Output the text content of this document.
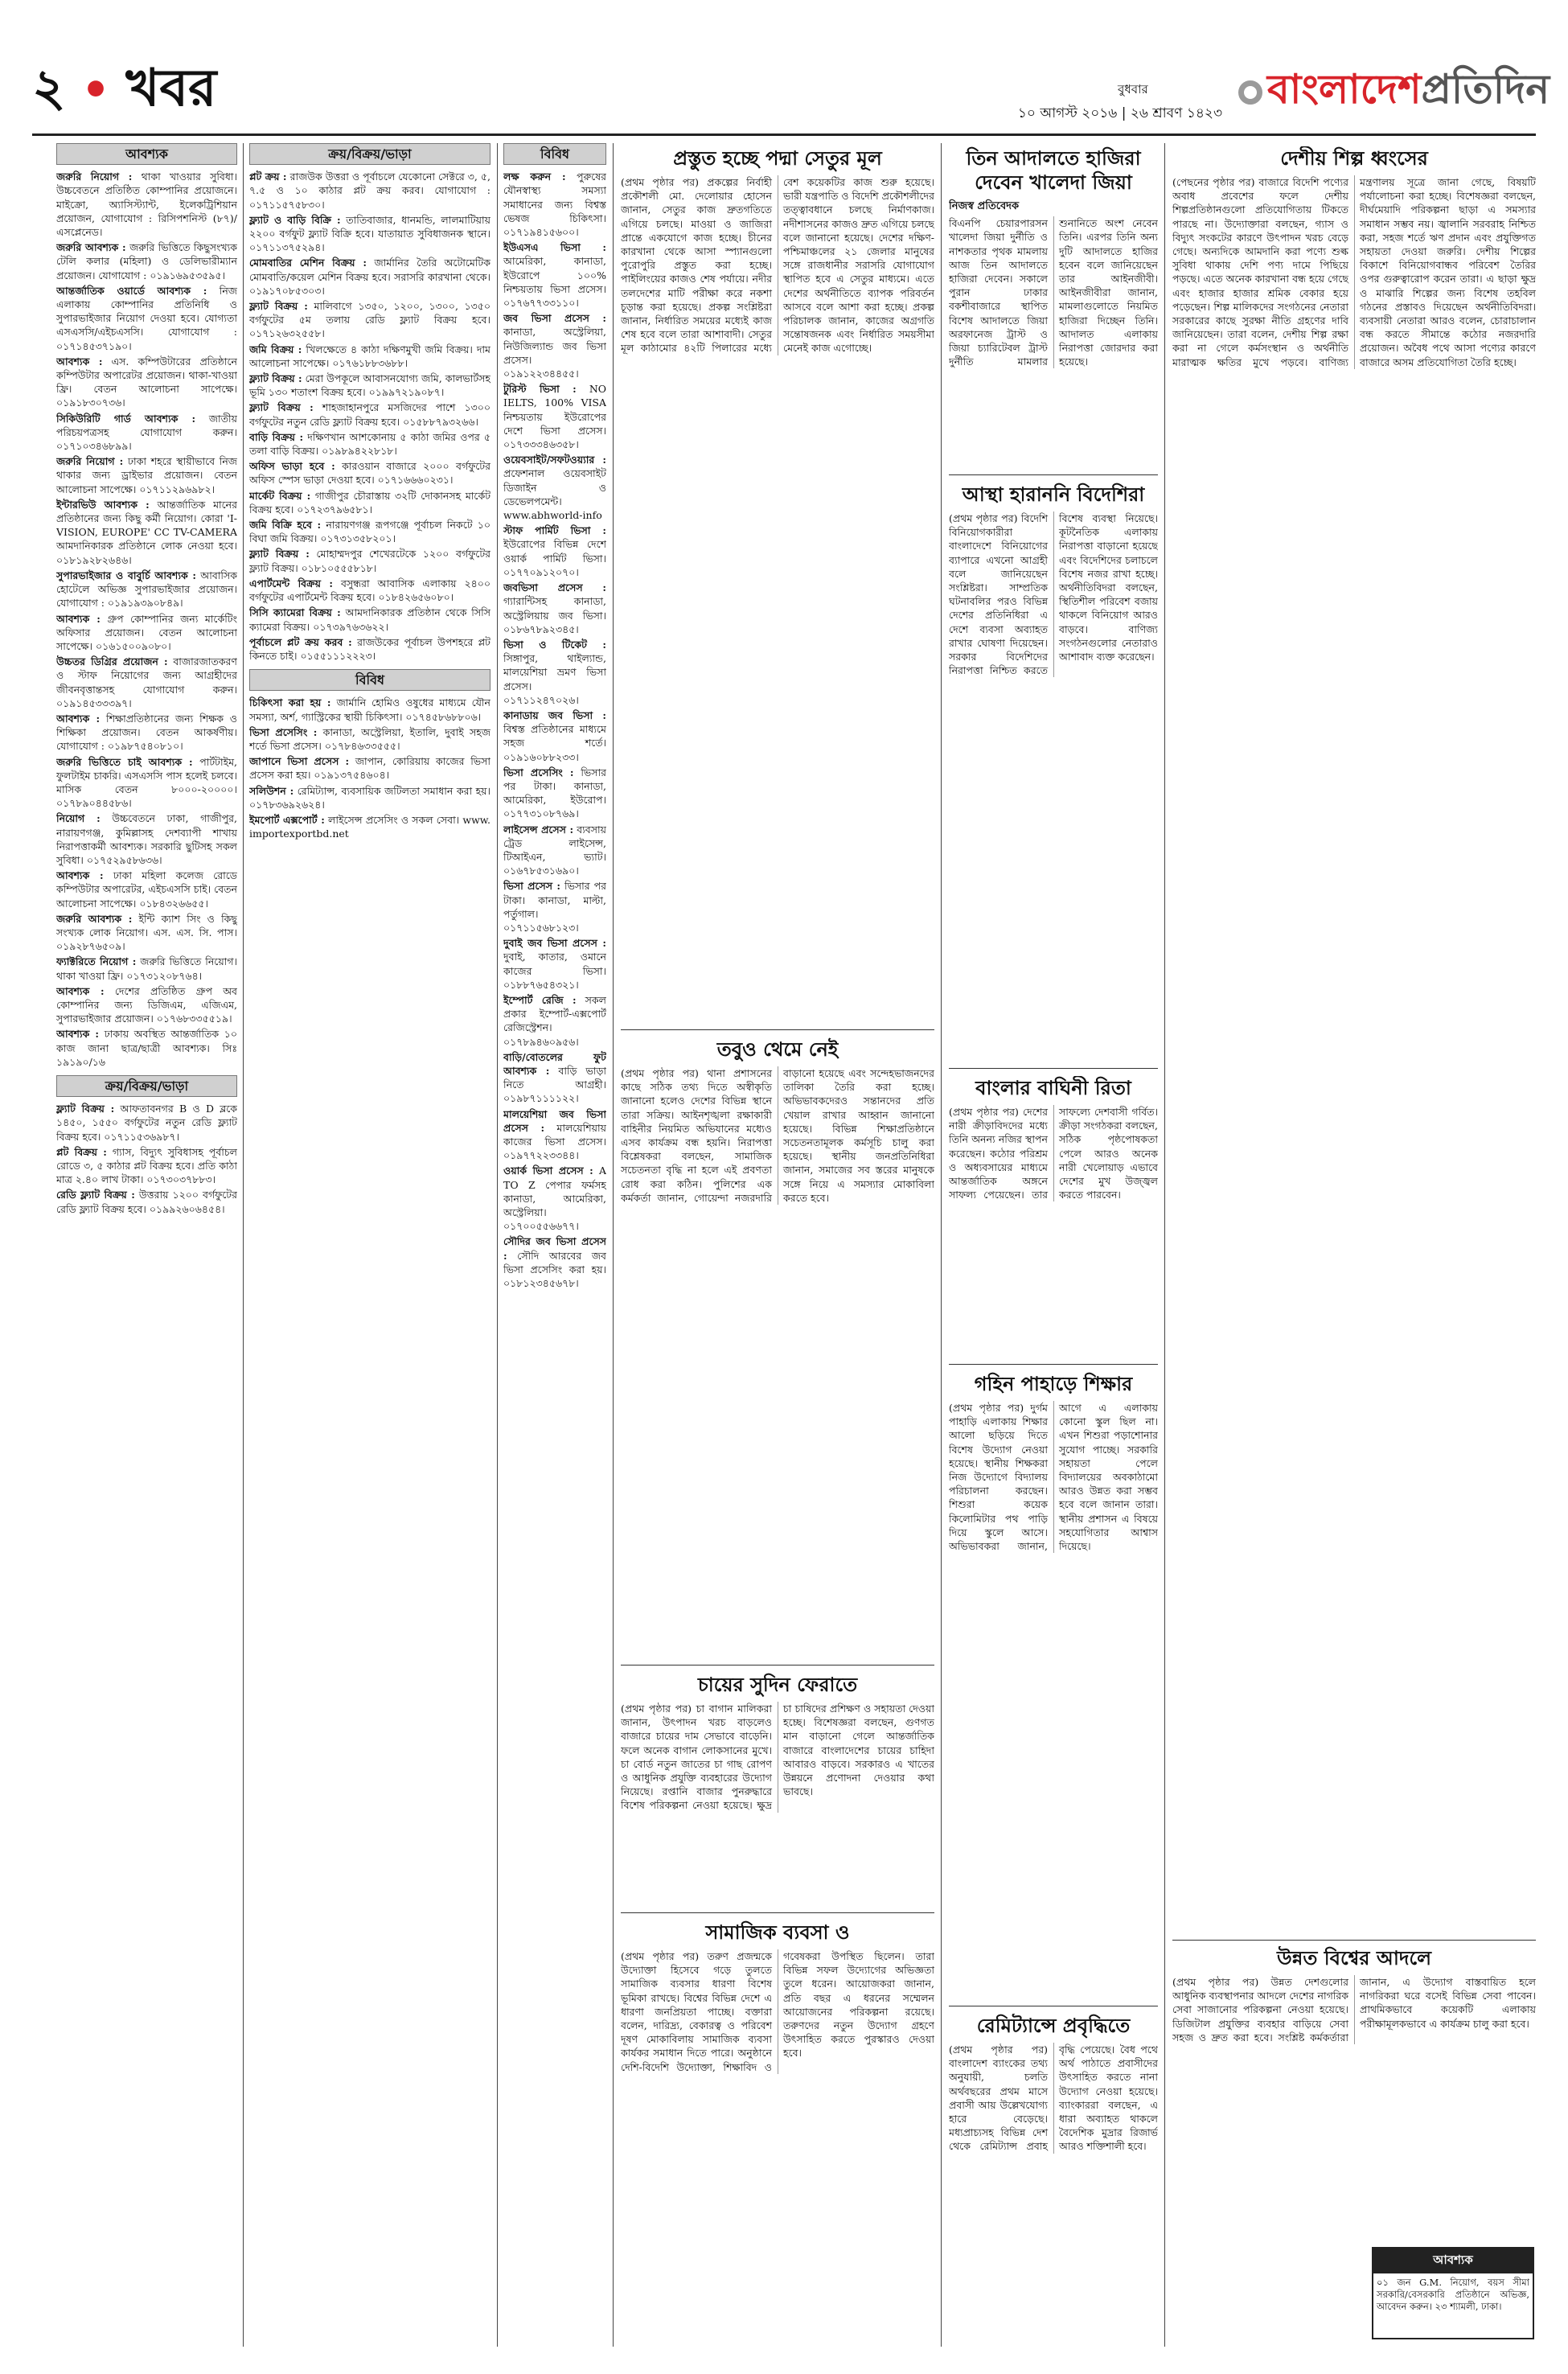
২ • খবর	বুধবার
১০ আগস্ট ২০১৬ | ২৬ শ্রাবণ ১৪২৩
বাংলাদেশপ্রতিদিন
আবশ্যক

জরুরি নিয়োগ : থাকা খাওয়ার সুবিধা। উচ্চবেতনে প্রতিষ্ঠিত কোম্পানির প্রয়োজনে। মাইক্রো, অ্যাসিস্ট্যান্ট, ইলেকট্রিশিয়ান প্রয়োজন, যোগাযোগ : রিসিপশনিস্ট (৮৭)/এসপ্লেনেড।

জরুরি আবশ্যক : জরুরি ভিত্তিতে কিছুসংখ্যক টেলি কলার (মহিলা) ও ডেলিভারীম্যান প্রয়োজন। যোগাযোগ : ০১৯১৬৯৫৩৫৯৫।

আন্তর্জাতিক ওয়ার্ডে আবশ্যক : নিজ এলাকায় কোম্পানির প্রতিনিধি ও সুপারভাইজার নিয়োগ দেওয়া হবে। যোগ্যতা এসএসসি/এইচএসসি। যোগাযোগ : ০১৭১৪৫৩৭১৯০।

আবশ্যক : এস. কম্পিউটারের প্রতিষ্ঠানে কম্পিউটার অপারেটর প্রয়োজন। থাকা-খাওয়া ফ্রি। বেতন আলোচনা সাপেক্ষে। ০১৯১৮৩০৭৩৬।

সিকিউরিটি গার্ড আবশ্যক : জাতীয় পরিচয়পত্রসহ যোগাযোগ করুন। ০১৭১০৩৪৬৮৯৯।

জরুরি নিয়োগ : ঢাকা শহরে স্থায়ীভাবে নিজ থাকার জন্য ড্রাইভার প্রয়োজন। বেতন আলোচনা সাপেক্ষে। ০১৭১১২৯৬৯৮২।

ইন্টারভিউ আবশ্যক : আন্তর্জাতিক মানের প্রতিষ্ঠানের জন্য কিছু কর্মী নিয়োগ। কোরা 'I-VISION, EUROPE' CC TV-CAMERA আমদানিকারক প্রতিষ্ঠানে লোক নেওয়া হবে। ০১৮১৯২৮২৬৪৬।

সুপারভাইজার ও বাবুর্চি আবশ্যক : আবাসিক হোটেলে অভিজ্ঞ সুপারভাইজার প্রয়োজন। যোগাযোগ : ০১৯১৯৩৯০৮৪৯।

আবশ্যক : গ্রুপ কোম্পানির জন্য মার্কেটিং অফিসার প্রয়োজন। বেতন আলোচনা সাপেক্ষে। ০১৬১৫০০৯০৮০।

উচ্চতর ডিগ্রির প্রয়োজন : বাজারজাতকরণ ও স্টাফ নিয়োগের জন্য আগ্রহীদের জীবনবৃত্তান্তসহ যোগাযোগ করুন। ০১৯১৪৫৩৩৩৯৭।

আবশ্যক : শিক্ষাপ্রতিষ্ঠানের জন্য শিক্ষক ও শিক্ষিকা প্রয়োজন। বেতন আকর্ষণীয়। যোগাযোগ : ০১৯৮৭৫৪০৮১০।

জরুরি ভিত্তিতে চাই আবশ্যক : পার্টটাইম, ফুলটাইম চাকরি। এসএসসি পাস হলেই চলবে। মাসিক বেতন ৮০০০-২০০০০। ০১৭৮৯০৪৪৫৮৬।

নিয়োগ : উচ্চবেতনে ঢাকা, গাজীপুর, নারায়ণগঞ্জ, কুমিল্লাসহ দেশব্যাপী শাখায় নিরাপত্তাকর্মী আবশ্যক। সরকারি ছুটিসহ সকল সুবিধা। ০১৭৫২৯৫৮৬৩৬।

আবশ্যক : ঢাকা মহিলা কলেজ রোডে কম্পিউটার অপারেটর, এইচএসসি চাই। বেতন আলোচনা সাপেক্ষে। ০১৮৪৩২৬৬৫৫।

জরুরি আবশ্যক : ইন্টি ক্যাশ সিং ও কিছু সংখ্যক লোক নিয়োগ। এস. এস. সি. পাস। ০১৯২৮৭৬৫০৯।

ফ্যাক্টরিতে নিয়োগ : জরুরি ভিত্তিতে নিয়োগ। থাকা খাওয়া ফ্রি। ০১৭৩১২০৮৭৬৪।

আবশ্যক : দেশের প্রতিষ্ঠিত গ্রুপ অব কোম্পানির জন্য ডিজিএম, এজিএম, সুপারভাইজার প্রয়োজন। ০১৭৬৮৩৩৫৫১৯।

আবশ্যক : ঢাকায় অবস্থিত আন্তর্জাতিক ১০ কাজ জানা ছাত্র/ছাত্রী আবশ্যক। সিঃ ১৯১৯০/১৬

ক্রয়/বিক্রয়/ভাড়া

ফ্ল্যাট বিক্রয় : আফতাবনগর B ও D ব্লকে ১৪৫০, ১৫৫০ বর্গফুটের নতুন রেডি ফ্ল্যাট বিক্রয় হবে। ০১৭১১৫৩৬৯৮৭।

প্লট বিক্রয় : গ্যাস, বিদ্যুৎ সুবিধাসহ পূর্বাচল রোডে ৩, ৫ কাঠার প্লট বিক্রয় হবে। প্রতি কাঠা মাত্র ২.৪০ লাখ টাকা। ০১৭৩০৩৭৮৮৩।

রেডি ফ্ল্যাট বিক্রয় : উত্তরায় ১২০০ বর্গফুটের রেডি ফ্ল্যাট বিক্রয় হবে। ০১৯৯২৬০৬৪৫৪।

ক্রয়/বিক্রয়/ভাড়া

প্লট ক্রয় : রাজউক উত্তরা ও পূর্বাচলে যেকোনো সেক্টরে ৩, ৫, ৭.৫ ও ১০ কাঠার প্লট ক্রয় করব। যোগাযোগ : ০১৭১১৫৭৫৮৩০।

ফ্ল্যাট ও বাড়ি বিক্রি : তাতিবাজার, ধানমন্ডি, লালমাটিয়ায় ২২০০ বর্গফুট ফ্ল্যাট বিক্রি হবে। যাতায়াত সুবিধাজনক স্থানে। ০১৭১১৩৭৫২৯৪।

মোমবাতির মেশিন বিক্রয় : জার্মানির তৈরি অটোমেটিক মোমবাতি/কয়েল মেশিন বিক্রয় হবে। সরাসরি কারখানা থেকে। ০১৯১৭০৮৫৩০৩।

ফ্ল্যাট বিক্রয় : মালিবাগে ১৩৫০, ১২০০, ১৩০০, ১৩৫০ বর্গফুটের ৫ম তলায় রেডি ফ্ল্যাট বিক্রয় হবে। ০১৭১২৬৩২৫৫৮।

জমি বিক্রয় : খিলক্ষেতে ৪ কাঠা দক্ষিণমুখী জমি বিক্রয়। দাম আলোচনা সাপেক্ষে। ০১৭৬১৮৮৩৬৮৮।

ফ্ল্যাট বিক্রয় : মেরা উপকূলে আবাসনযোগ্য জমি, কালভার্টসহ ভূমি ১৩০ শতাংশ বিক্রয় হবে। ০১৯৯৭২১৯০৮৭।

ফ্ল্যাট বিক্রয় : শাহজাহানপুরে মসজিদের পাশে ১৩০০ বর্গফুটের নতুন রেডি ফ্ল্যাট বিক্রয় হবে। ০১৫৮৮৭৯৩২৬৬।

বাড়ি বিক্রয় : দক্ষিণখান আশকোনায় ৫ কাঠা জমির ওপর ৫ তলা বাড়ি বিক্রয়। ০১৯৮৯৪২২৮১৮।

অফিস ভাড়া হবে : কারওয়ান বাজারে ২০০০ বর্গফুটের অফিস স্পেস ভাড়া দেওয়া হবে। ০১৭১৬৬৬০২৩১।

মার্কেট বিক্রয় : গাজীপুর চৌরাস্তায় ৩২টি দোকানসহ মার্কেট বিক্রয় হবে। ০১৭২৩৭৯৬৫৮১।

জমি বিক্রি হবে : নারায়ণগঞ্জ রূপগঞ্জে পূর্বাচল নিকটে ১০ বিঘা জমি বিক্রয়। ০১৭৩১৩৫৮২০১।

ফ্ল্যাট বিক্রয় : মোহাম্মদপুর শেখেরটেকে ১২০০ বর্গফুটের ফ্ল্যাট বিক্রয়। ০১৮১০৫৫৫৮১৮।

এপার্টমেন্ট বিক্রয় : বসুন্ধরা আবাসিক এলাকায় ২৪০০ বর্গফুটের এপার্টমেন্ট বিক্রয় হবে। ০১৮৪২৬৫৬০৮০।

সিসি ক্যামেরা বিক্রয় : আমদানিকারক প্রতিষ্ঠান থেকে সিসি ক্যামেরা বিক্রয়। ০১৭৩৯৭৬৩৬২২।

পূর্বাচলে প্লট ক্রয় করব : রাজউকের পূর্বাচল উপশহরে প্লট কিনতে চাই। ০১৫৫১১১২২২৩।

বিবিধ

চিকিৎসা করা হয় : জার্মানি হোমিও ওষুধের মাধ্যমে যৌন সমস্যা, অর্শ, গ্যাস্ট্রিকের স্থায়ী চিকিৎসা। ০১৭৪৫৮৬৮৮০৬।

ভিসা প্রসেসিং : কানাডা, অস্ট্রেলিয়া, ইতালি, দুবাই সহজ শর্তে ভিসা প্রসেস। ০১৭৮৪৬৩৩৫৫৫।

জাপানে ভিসা প্রসেস : জাপান, কোরিয়ায় কাজের ভিসা প্রসেস করা হয়। ০১৯১৩৭৫৪৬০৪।

সলিউশন : রেমিট্যান্স, ব্যবসায়িক জটিলতা সমাধান করা হয়। ০১৭৮৩৬৯২৬২৪।

ইমপোর্ট এক্সপোর্ট : লাইসেন্স প্রসেসিং ও সকল সেবা। www. importexportbd.net

বিবিধ

লক্ষ করুন : পুরুষের যৌনস্বাস্থ্য সমস্যা সমাধানের জন্য বিশ্বস্ত ভেষজ চিকিৎসা। ০১৭১৯৪১৫৬০০।

ইউএসএ ভিসা : আমেরিকা, কানাডা, ইউরোপে ১০০% নিশ্চয়তায় ভিসা প্রসেস। ০১৭৬৭৭৩৩১১০।

জব ভিসা প্রসেস : কানাডা, অস্ট্রেলিয়া, নিউজিল্যান্ড জব ভিসা প্রসেস। ০১৯১২২৩৪৪৫৫।

টুরিস্ট ভিসা : NO IELTS, 100% VISA নিশ্চয়তায় ইউরোপের দেশে ভিসা প্রসেস। ০১৭৩৩৩৪৬৩৫৮।

ওয়েবসাইট/সফটওয়্যার : প্রফেশনাল ওয়েবসাইট ডিজাইন ও ডেভেলপমেন্ট। www.abhworld-info

স্টাফ পার্মিট ভিসা : ইউরোপের বিভিন্ন দেশে ওয়ার্ক পার্মিট ভিসা। ০১৭৭০৯১২০৭০।

জবভিসা প্রসেস : গ্যারান্টিসহ কানাডা, অস্ট্রেলিয়ায় জব ভিসা। ০১৮৬৭৮৯২৩৪৫।

ভিসা ও টিকেট : সিঙ্গাপুর, থাইল্যান্ড, মালয়েশিয়া ভ্রমণ ভিসা প্রসেস। ০১৭১১২৪৭০২৬।

কানাডায় জব ভিসা : বিশ্বস্ত প্রতিষ্ঠানের মাধ্যমে সহজ শর্তে। ০১৯১৬০৮৮২৩৩।

ভিসা প্রসেসিং : ভিসার পর টাকা। কানাডা, আমেরিকা, ইউরোপ। ০১৭৭৩১০৮৭৬৯।

লাইসেন্স প্রসেস : ব্যবসায় ট্রেড লাইসেন্স, টিআইএন, ভ্যাট। ০১৬৭৮৫৩১৬৯০।

ভিসা প্রসেস : ভিসার পর টাকা। কানাডা, মাল্টা, পর্তুগাল। ০১৭১১৫৬৮১২৩।

দুবাই জব ভিসা প্রসেস : দুবাই, কাতার, ওমানে কাজের ভিসা। ০১৮৮৭৬৫৪৩২১।

ইম্পোর্ট রেজি : সকল প্রকার ইম্পোর্ট-এক্সপোর্ট রেজিস্ট্রেশন। ০১৭৮৯৪৬০৯৫৬।

বাড়ি/বোতলের ফুট আবশ্যক : বাড়ি ভাড়া নিতে আগ্রহী। ০১৯৮৭১১১১২২।

মালয়েশিয়া জব ভিসা প্রসেস : মালয়েশিয়ায় কাজের ভিসা প্রসেস। ০১৯৭৭২২৩৩৪৪।

ওয়ার্ক ভিসা প্রসেস : A TO Z পেপার ফর্মসহ কানাডা, আমেরিকা, অস্ট্রেলিয়া। ০১৭০০৫৫৬৬৭৭।

সৌদির জব ভিসা প্রসেস : সৌদি আরবের জব ভিসা প্রসেসিং করা হয়। ০১৮১২৩৪৫৬৭৮।

প্রস্তুত হচ্ছে পদ্মা সেতুর মূল
(প্রথম পৃষ্ঠার পর) প্রকল্পের নির্বাহী প্রকৌশলী মো. দেলোয়ার হোসেন জানান, সেতুর কাজ দ্রুতগতিতে এগিয়ে চলছে। মাওয়া ও জাজিরা প্রান্তে একযোগে কাজ হচ্ছে। চীনের কারখানা থেকে আসা স্প্যানগুলো পুরোপুরি প্রস্তুত করা হচ্ছে। পাইলিংয়ের কাজও শেষ পর্যায়ে। নদীর তলদেশের মাটি পরীক্ষা করে নকশা চূড়ান্ত করা হয়েছে। প্রকল্প সংশ্লিষ্টরা জানান, নির্ধারিত সময়ের মধ্যেই কাজ শেষ হবে বলে তারা আশাবাদী। সেতুর মূল কাঠামোর ৪২টি পিলারের মধ্যে বেশ কয়েকটির কাজ শুরু হয়েছে। ভারী যন্ত্রপাতি ও বিদেশি প্রকৌশলীদের তত্ত্বাবধানে চলছে নির্মাণকাজ। নদীশাসনের কাজও দ্রুত এগিয়ে চলছে বলে জানানো হয়েছে। দেশের দক্ষিণ-পশ্চিমাঞ্চলের ২১ জেলার মানুষের সঙ্গে রাজধানীর সরাসরি যোগাযোগ স্থাপিত হবে এ সেতুর মাধ্যমে। এতে দেশের অর্থনীতিতে ব্যাপক পরিবর্তন আসবে বলে আশা করা হচ্ছে। প্রকল্প পরিচালক জানান, কাজের অগ্রগতি সন্তোষজনক এবং নির্ধারিত সময়সীমা মেনেই কাজ এগোচ্ছে।
তবুও থেমে নেই
(প্রথম পৃষ্ঠার পর) থানা প্রশাসনের কাছে সঠিক তথ্য দিতে অস্বীকৃতি জানানো হলেও দেশের বিভিন্ন স্থানে তারা সক্রিয়। আইনশৃঙ্খলা রক্ষাকারী বাহিনীর নিয়মিত অভিযানের মধ্যেও এসব কার্যক্রম বন্ধ হয়নি। নিরাপত্তা বিশ্লেষকরা বলছেন, সামাজিক সচেতনতা বৃদ্ধি না হলে এই প্রবণতা রোধ করা কঠিন। পুলিশের এক কর্মকর্তা জানান, গোয়েন্দা নজরদারি বাড়ানো হয়েছে এবং সন্দেহভাজনদের তালিকা তৈরি করা হচ্ছে। অভিভাবকদেরও সন্তানদের প্রতি খেয়াল রাখার আহ্বান জানানো হয়েছে। বিভিন্ন শিক্ষাপ্রতিষ্ঠানে সচেতনতামূলক কর্মসূচি চালু করা হয়েছে। স্থানীয় জনপ্রতিনিধিরা জানান, সমাজের সব স্তরের মানুষকে সঙ্গে নিয়ে এ সমস্যার মোকাবিলা করতে হবে।
চায়ের সুদিন ফেরাতে
(প্রথম পৃষ্ঠার পর) চা বাগান মালিকরা জানান, উৎপাদন খরচ বাড়লেও বাজারে চায়ের দাম সেভাবে বাড়েনি। ফলে অনেক বাগান লোকসানের মুখে। চা বোর্ড নতুন জাতের চা গাছ রোপণ ও আধুনিক প্রযুক্তি ব্যবহারের উদ্যোগ নিয়েছে। রপ্তানি বাজার পুনরুদ্ধারে বিশেষ পরিকল্পনা নেওয়া হয়েছে। ক্ষুদ্র চা চাষিদের প্রশিক্ষণ ও সহায়তা দেওয়া হচ্ছে। বিশেষজ্ঞরা বলছেন, গুণগত মান বাড়ানো গেলে আন্তর্জাতিক বাজারে বাংলাদেশের চায়ের চাহিদা আবারও বাড়বে। সরকারও এ খাতের উন্নয়নে প্রণোদনা দেওয়ার কথা ভাবছে।
সামাজিক ব্যবসা ও
(প্রথম পৃষ্ঠার পর) তরুণ প্রজন্মকে উদ্যোক্তা হিসেবে গড়ে তুলতে সামাজিক ব্যবসার ধারণা বিশেষ ভূমিকা রাখছে। বিশ্বের বিভিন্ন দেশে এ ধারণা জনপ্রিয়তা পাচ্ছে। বক্তারা বলেন, দারিদ্র্য, বেকারত্ব ও পরিবেশ দূষণ মোকাবিলায় সামাজিক ব্যবসা কার্যকর সমাধান দিতে পারে। অনুষ্ঠানে দেশি-বিদেশি উদ্যোক্তা, শিক্ষাবিদ ও গবেষকরা উপস্থিত ছিলেন। তারা বিভিন্ন সফল উদ্যোগের অভিজ্ঞতা তুলে ধরেন। আয়োজকরা জানান, প্রতি বছর এ ধরনের সম্মেলন আয়োজনের পরিকল্পনা রয়েছে। তরুণদের নতুন উদ্যোগ গ্রহণে উৎসাহিত করতে পুরস্কারও দেওয়া হবে।
তিন আদালতে হাজিরা দেবেন খালেদা জিয়া
নিজস্ব প্রতিবেদক
বিএনপি চেয়ারপারসন খালেদা জিয়া দুর্নীতি ও নাশকতার পৃথক মামলায় আজ তিন আদালতে হাজিরা দেবেন। সকালে পুরান ঢাকার বকশীবাজারে স্থাপিত বিশেষ আদালতে জিয়া অরফানেজ ট্রাস্ট ও জিয়া চ্যারিটেবল ট্রাস্ট দুর্নীতি মামলার শুনানিতে অংশ নেবেন তিনি। এরপর তিনি অন্য দুটি আদালতে হাজির হবেন বলে জানিয়েছেন তার আইনজীবী। আইনজীবীরা জানান, মামলাগুলোতে নিয়মিত হাজিরা দিচ্ছেন তিনি। আদালত এলাকায় নিরাপত্তা জোরদার করা হয়েছে।
আস্থা হারাননি বিদেশিরা
(প্রথম পৃষ্ঠার পর) বিদেশি বিনিয়োগকারীরা বাংলাদেশে বিনিয়োগের ব্যাপারে এখনো আগ্রহী বলে জানিয়েছেন সংশ্লিষ্টরা। সাম্প্রতিক ঘটনাবলির পরও বিভিন্ন দেশের প্রতিনিধিরা এ দেশে ব্যবসা অব্যাহত রাখার ঘোষণা দিয়েছেন। সরকার বিদেশিদের নিরাপত্তা নিশ্চিত করতে বিশেষ ব্যবস্থা নিয়েছে। কূটনৈতিক এলাকায় নিরাপত্তা বাড়ানো হয়েছে এবং বিদেশিদের চলাচলে বিশেষ নজর রাখা হচ্ছে। অর্থনীতিবিদরা বলছেন, স্থিতিশীল পরিবেশ বজায় থাকলে বিনিয়োগ আরও বাড়বে। বাণিজ্য সংগঠনগুলোর নেতারাও আশাবাদ ব্যক্ত করেছেন।
বাংলার বাঘিনী রিতা
(প্রথম পৃষ্ঠার পর) দেশের নারী ক্রীড়াবিদদের মধ্যে তিনি অনন্য নজির স্থাপন করেছেন। কঠোর পরিশ্রম ও অধ্যবসায়ের মাধ্যমে আন্তর্জাতিক অঙ্গনে সাফল্য পেয়েছেন। তার সাফল্যে দেশবাসী গর্বিত। ক্রীড়া সংগঠকরা বলছেন, সঠিক পৃষ্ঠপোষকতা পেলে আরও অনেক নারী খেলোয়াড় এভাবে দেশের মুখ উজ্জ্বল করতে পারবেন।
গহিন পাহাড়ে শিক্ষার
(প্রথম পৃষ্ঠার পর) দুর্গম পাহাড়ি এলাকায় শিক্ষার আলো ছড়িয়ে দিতে বিশেষ উদ্যোগ নেওয়া হয়েছে। স্থানীয় শিক্ষকরা নিজ উদ্যোগে বিদ্যালয় পরিচালনা করছেন। শিশুরা কয়েক কিলোমিটার পথ পাড়ি দিয়ে স্কুলে আসে। অভিভাবকরা জানান, আগে এ এলাকায় কোনো স্কুল ছিল না। এখন শিশুরা পড়াশোনার সুযোগ পাচ্ছে। সরকারি সহায়তা পেলে বিদ্যালয়ের অবকাঠামো আরও উন্নত করা সম্ভব হবে বলে জানান তারা। স্থানীয় প্রশাসন এ বিষয়ে সহযোগিতার আশ্বাস দিয়েছে।
রেমিট্যান্সে প্রবৃদ্ধিতে
(প্রথম পৃষ্ঠার পর) বাংলাদেশ ব্যাংকের তথ্য অনুযায়ী, চলতি অর্থবছরের প্রথম মাসে প্রবাসী আয় উল্লেখযোগ্য হারে বেড়েছে। মধ্যপ্রাচ্যসহ বিভিন্ন দেশ থেকে রেমিট্যান্স প্রবাহ বৃদ্ধি পেয়েছে। বৈধ পথে অর্থ পাঠাতে প্রবাসীদের উৎসাহিত করতে নানা উদ্যোগ নেওয়া হয়েছে। ব্যাংকাররা বলছেন, এ ধারা অব্যাহত থাকলে বৈদেশিক মুদ্রার রিজার্ভ আরও শক্তিশালী হবে।
দেশীয় শিল্প ধ্বংসের
(পেছনের পৃষ্ঠার পর) বাজারে বিদেশি পণ্যের অবাধ প্রবেশের ফলে দেশীয় শিল্পপ্রতিষ্ঠানগুলো প্রতিযোগিতায় টিকতে পারছে না। উদ্যোক্তারা বলছেন, গ্যাস ও বিদ্যুৎ সংকটের কারণে উৎপাদন খরচ বেড়ে গেছে। অন্যদিকে আমদানি করা পণ্যে শুল্ক সুবিধা থাকায় দেশি পণ্য দামে পিছিয়ে পড়ছে। এতে অনেক কারখানা বন্ধ হয়ে গেছে এবং হাজার হাজার শ্রমিক বেকার হয়ে পড়েছেন। শিল্প মালিকদের সংগঠনের নেতারা সরকারের কাছে সুরক্ষা নীতি গ্রহণের দাবি জানিয়েছেন। তারা বলেন, দেশীয় শিল্প রক্ষা করা না গেলে কর্মসংস্থান ও অর্থনীতি মারাত্মক ক্ষতির মুখে পড়বে। বাণিজ্য মন্ত্রণালয় সূত্রে জানা গেছে, বিষয়টি পর্যালোচনা করা হচ্ছে। বিশেষজ্ঞরা বলছেন, দীর্ঘমেয়াদি পরিকল্পনা ছাড়া এ সমস্যার সমাধান সম্ভব নয়। জ্বালানি সরবরাহ নিশ্চিত করা, সহজ শর্তে ঋণ প্রদান এবং প্রযুক্তিগত সহায়তা দেওয়া জরুরি। দেশীয় শিল্পের বিকাশে বিনিয়োগবান্ধব পরিবেশ তৈরির ওপর গুরুত্বারোপ করেন তারা। এ ছাড়া ক্ষুদ্র ও মাঝারি শিল্পের জন্য বিশেষ তহবিল গঠনের প্রস্তাবও দিয়েছেন অর্থনীতিবিদরা। ব্যবসায়ী নেতারা আরও বলেন, চোরাচালান বন্ধ করতে সীমান্তে কঠোর নজরদারি প্রয়োজন। অবৈধ পথে আসা পণ্যের কারণে বাজারে অসম প্রতিযোগিতা তৈরি হচ্ছে।
উন্নত বিশ্বের আদলে
(প্রথম পৃষ্ঠার পর) উন্নত দেশগুলোর আধুনিক ব্যবস্থাপনার আদলে দেশের নাগরিক সেবা সাজানোর পরিকল্পনা নেওয়া হয়েছে। ডিজিটাল প্রযুক্তির ব্যবহার বাড়িয়ে সেবা সহজ ও দ্রুত করা হবে। সংশ্লিষ্ট কর্মকর্তারা জানান, এ উদ্যোগ বাস্তবায়িত হলে নাগরিকরা ঘরে বসেই বিভিন্ন সেবা পাবেন। প্রাথমিকভাবে কয়েকটি এলাকায় পরীক্ষামূলকভাবে এ কার্যক্রম চালু করা হবে।
আবশ্যক
০১ জন G.M. নিয়োগ, বয়স সীমা সরকারি/বেসরকারি প্রতিষ্ঠানে অভিজ্ঞ, আবেদন করুন। ২৩ শ্যামলী, ঢাকা।
